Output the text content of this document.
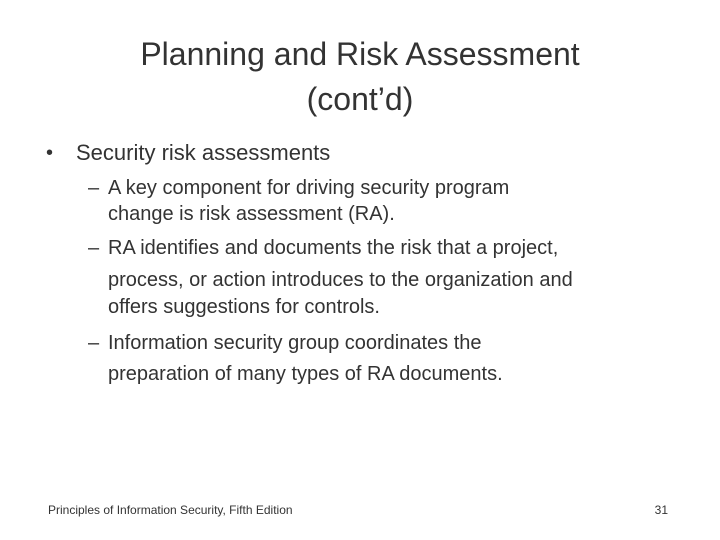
Planning and Risk Assessment
(cont’d)
• Security risk assessments
– A key component for driving security program
change is risk assessment (RA).
– RA identifies and documents the risk that a project,
process, or action introduces to the organization and
offers suggestions for controls.
– Information security group coordinates the
preparation of many types of RA documents.
Principles of Information Security, Fifth Edition	31
